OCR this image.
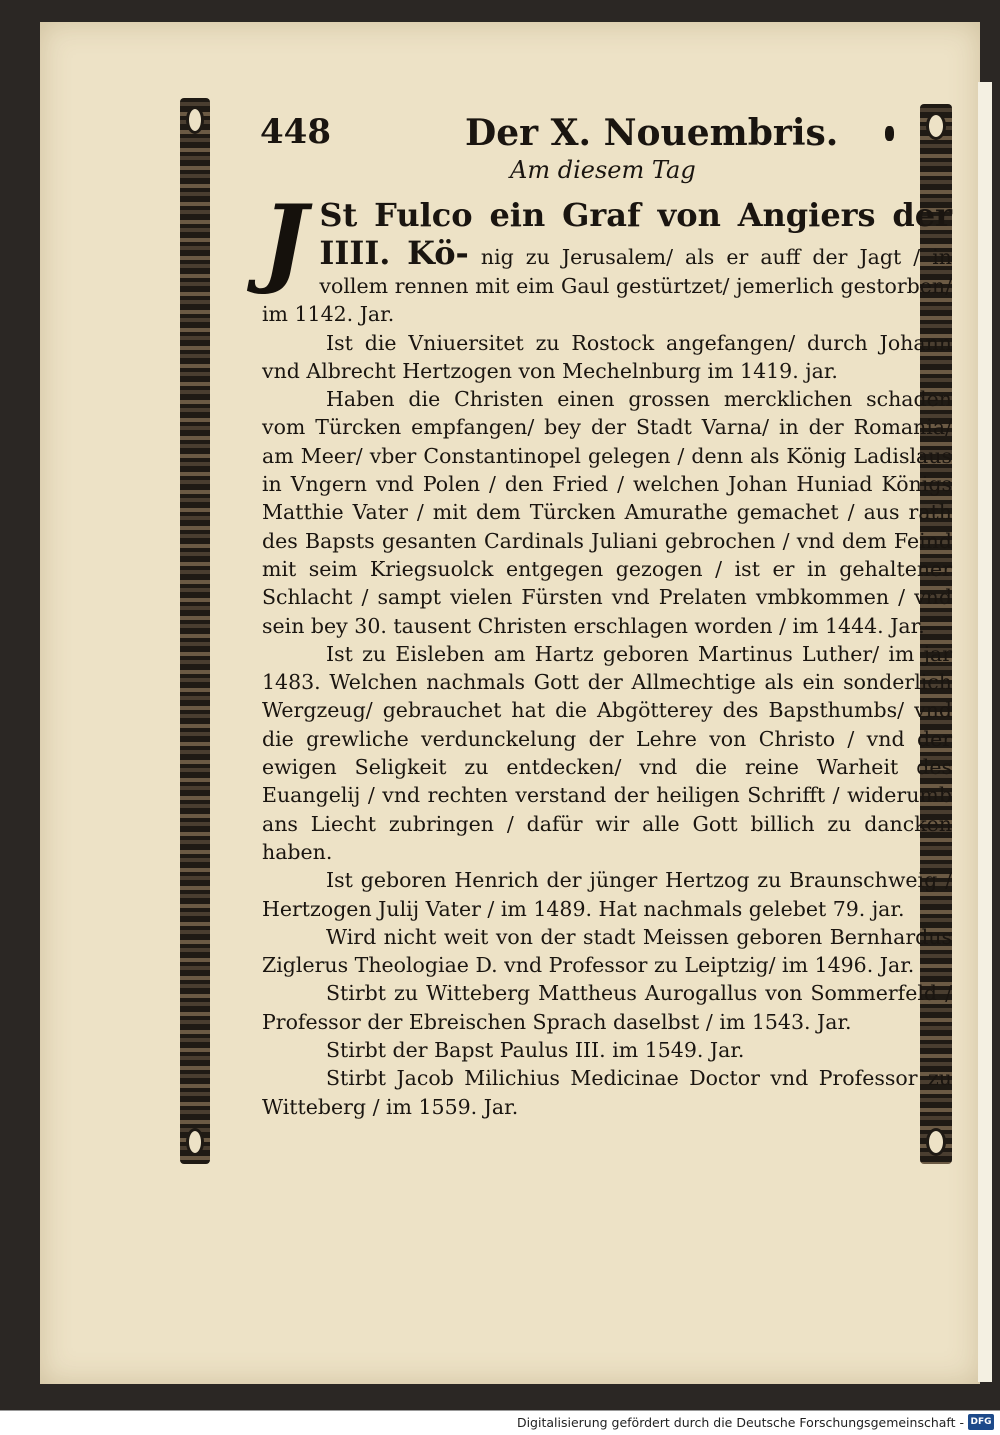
448	Der X. Nouembris.
Am diesem Tag

J St Fulco ein Graf von Angiers der IIII. Kö- nig zu Jerusalem/ als er auff der Jagt / in vollem rennen mit eim Gaul gestürtzet/ jemerlich gestorben/ im 1142. Jar.

Ist die Vniuersitet zu Rostock angefangen/ durch Johann vnd Albrecht Hertzogen von Mechelnburg im 1419. jar.

Haben die Christen einen grossen mercklichen schaden vom Türcken empfangen/ bey der Stadt Varna/ in der Romania/ am Meer/ vber Constantinopel gelegen / denn als König Ladislaus in Vngern vnd Polen / den Fried / welchen Johan Huniad Königs Matthie Vater / mit dem Türcken Amurathe gemachet / aus rath des Bapsts gesanten Cardinals Juliani gebrochen / vnd dem Feind mit seim Kriegsuolck entgegen gezogen / ist er in gehaltener Schlacht / sampt vielen Fürsten vnd Prelaten vmbkommen / vnd sein bey 30. tausent Christen erschlagen worden / im 1444. Jar.

Ist zu Eisleben am Hartz geboren Martinus Luther/ im jar 1483. Welchen nachmals Gott der Allmechtige als ein sonderlich Wergzeug/ gebrauchet hat die Abgötterey des Bapsthumbs/ vnd die grewliche verdunckelung der Lehre von Christo / vnd der ewigen Seligkeit zu entdecken/ vnd die reine Warheit des Euangelij / vnd rechten verstand der heiligen Schrifft / widerumb ans Liecht zubringen / dafür wir alle Gott billich zu dancken haben.

Ist geboren Henrich der jünger Hertzog zu Braunschweig / Hertzogen Julij Vater / im 1489. Hat nachmals gelebet 79. jar.

Wird nicht weit von der stadt Meissen geboren Bernhardus Ziglerus Theologiae D. vnd Professor zu Leiptzig/ im 1496. Jar.

Stirbt zu Witteberg Mattheus Aurogallus von Sommerfeld / Professor der Ebreischen Sprach daselbst / im 1543. Jar.

Stirbt der Bapst Paulus III. im 1549. Jar.

Stirbt Jacob Milichius Medicinae Doctor vnd Professor zu Witteberg / im 1559. Jar.

Digitalisierung gefördert durch die Deutsche Forschungsgemeinschaft - DFG
